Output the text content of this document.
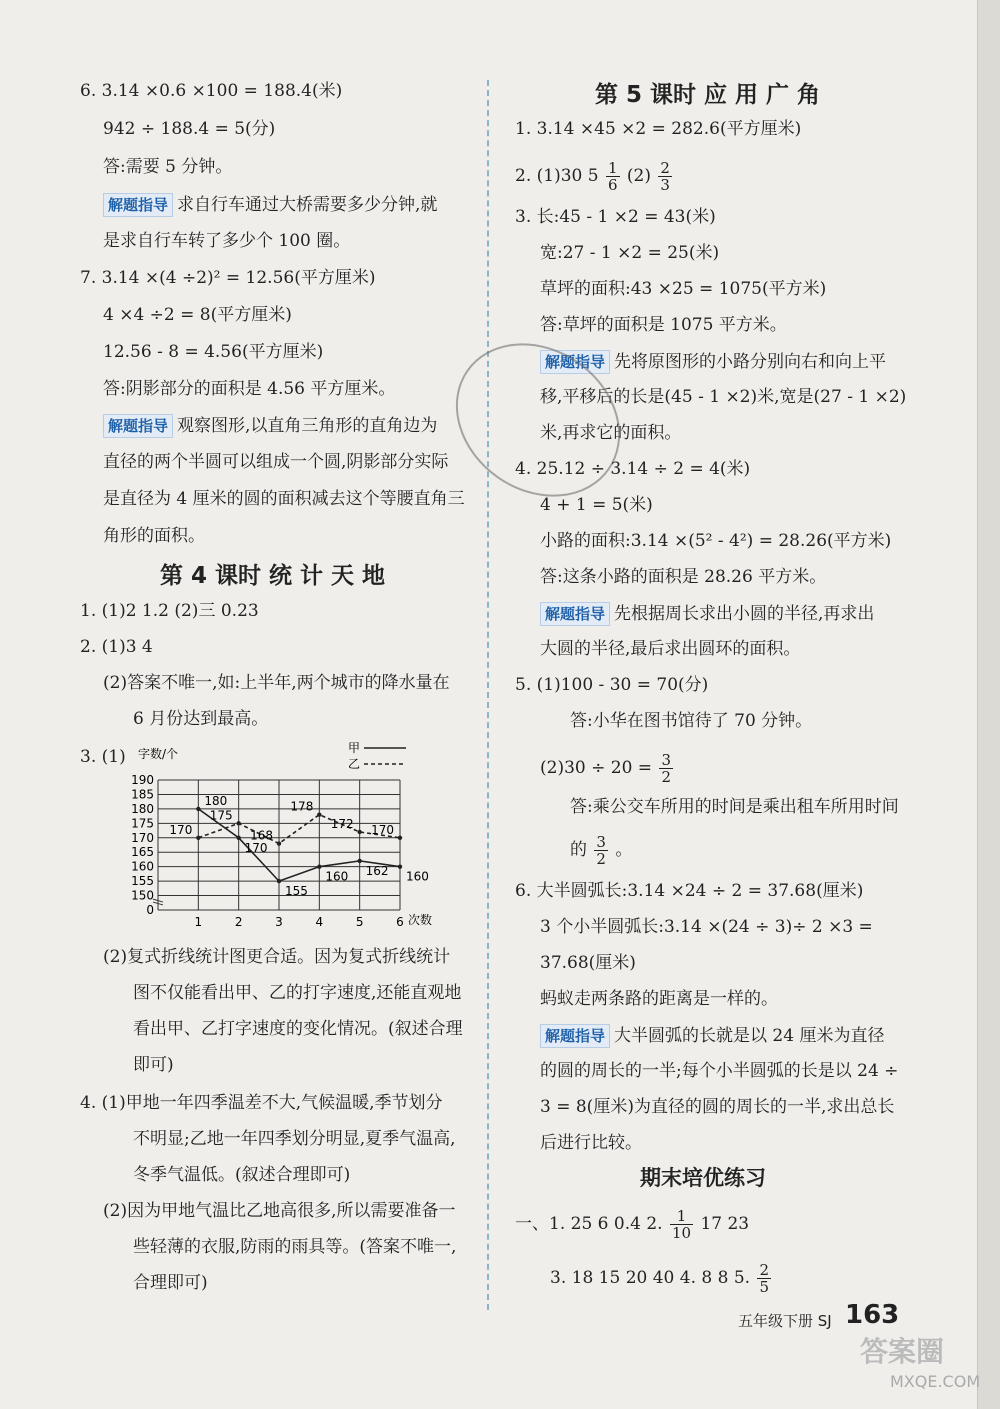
6. 3.14 ×0.6 ×100 = 188.4(米)
942 ÷ 188.4 = 5(分)
答:需要 5 分钟。
解题指导 求自行车通过大桥需要多少分钟,就
是求自行车转了多少个 100 圈。
7. 3.14 ×(4 ÷2)² = 12.56(平方厘米)
4 ×4 ÷2 = 8(平方厘米)
12.56 - 8 = 4.56(平方厘米)
答:阴影部分的面积是 4.56 平方厘米。
解题指导 观察图形,以直角三角形的直角边为
直径的两个半圆可以组成一个圆,阴影部分实际
是直径为 4 厘米的圆的面积减去这个等腰直角三
角形的面积。
第 4 课时 统 计 天 地
1. (1)2 1.2 (2)三 0.23
2. (1)3 4
(2)答案不唯一,如:上半年,两个城市的降水量在
6 月份达到最高。
3. (1)
0
150
155
160
165
170
175
180
185
190
1	2	3	4	5	6
180
170
155
160 162 160
170
175
168
178
172 170
字数/个
次数
甲
乙
(2)复式折线统计图更合适。因为复式折线统计
图不仅能看出甲、乙的打字速度,还能直观地
看出甲、乙打字速度的变化情况。(叙述合理
即可)
4. (1)甲地一年四季温差不大,气候温暖,季节划分
不明显;乙地一年四季划分明显,夏季气温高,
冬季气温低。(叙述合理即可)
(2)因为甲地气温比乙地高很多,所以需要准备一
些轻薄的衣服,防雨的雨具等。(答案不唯一,
合理即可)
第 5 课时 应 用 广 角
1. 3.14 ×45 ×2 = 282.6(平方厘米)
2. (1)30 $5 \frac{1}{6} (2) \frac{2}{3}$
3. 长:45 - 1 ×2 = 43(米)
宽:27 - 1 ×2 = 25(米)
草坪的面积:43 ×25 = 1075(平方米)
答:草坪的面积是 1075 平方米。
解题指导 先将原图形的小路分别向右和向上平
移,平移后的长是(45 - 1 ×2)米,宽是(27 - 1 ×2)
米,再求它的面积。
4. 25.12 ÷ 3.14 ÷ 2 = 4(米)
4 + 1 = 5(米)
小路的面积:3.14 ×(5² - 4²) = 28.26(平方米)
答:这条小路的面积是 28.26 平方米。
解题指导 先根据周长求出小圆的半径,再求出
大圆的半径,最后求出圆环的面积。
5. (1)100 - 30 = 70(分)
答:小华在图书馆待了 70 分钟。
$(2)30 \div 20 = \frac{3}{2}$
答:乘公交车所用的时间是乘出租车所用时间
的 $\frac{3}{2}$ 。
6. 大半圆弧长:3.14 ×24 ÷ 2 = 37.68(厘米)
3 个小半圆弧长:3.14 ×(24 ÷ 3)÷ 2 ×3 =
37.68(厘米)
蚂蚁走两条路的距离是一样的。
解题指导 大半圆弧的长就是以 24 厘米为直径
的圆的周长的一半;每个小半圆弧的长是以 24 ÷
3 = 8(厘米)为直径的圆的周长的一半,求出总长
后进行比较。
期末培优练习
一、1. 25 6 0.4 2. $\frac{1}{10} 17$ 23
3. 18 15 20 40 4. 8 8 5. $\frac{2}{5}$
五年级下册 SJ 163
答案圈
MXQE.COM
